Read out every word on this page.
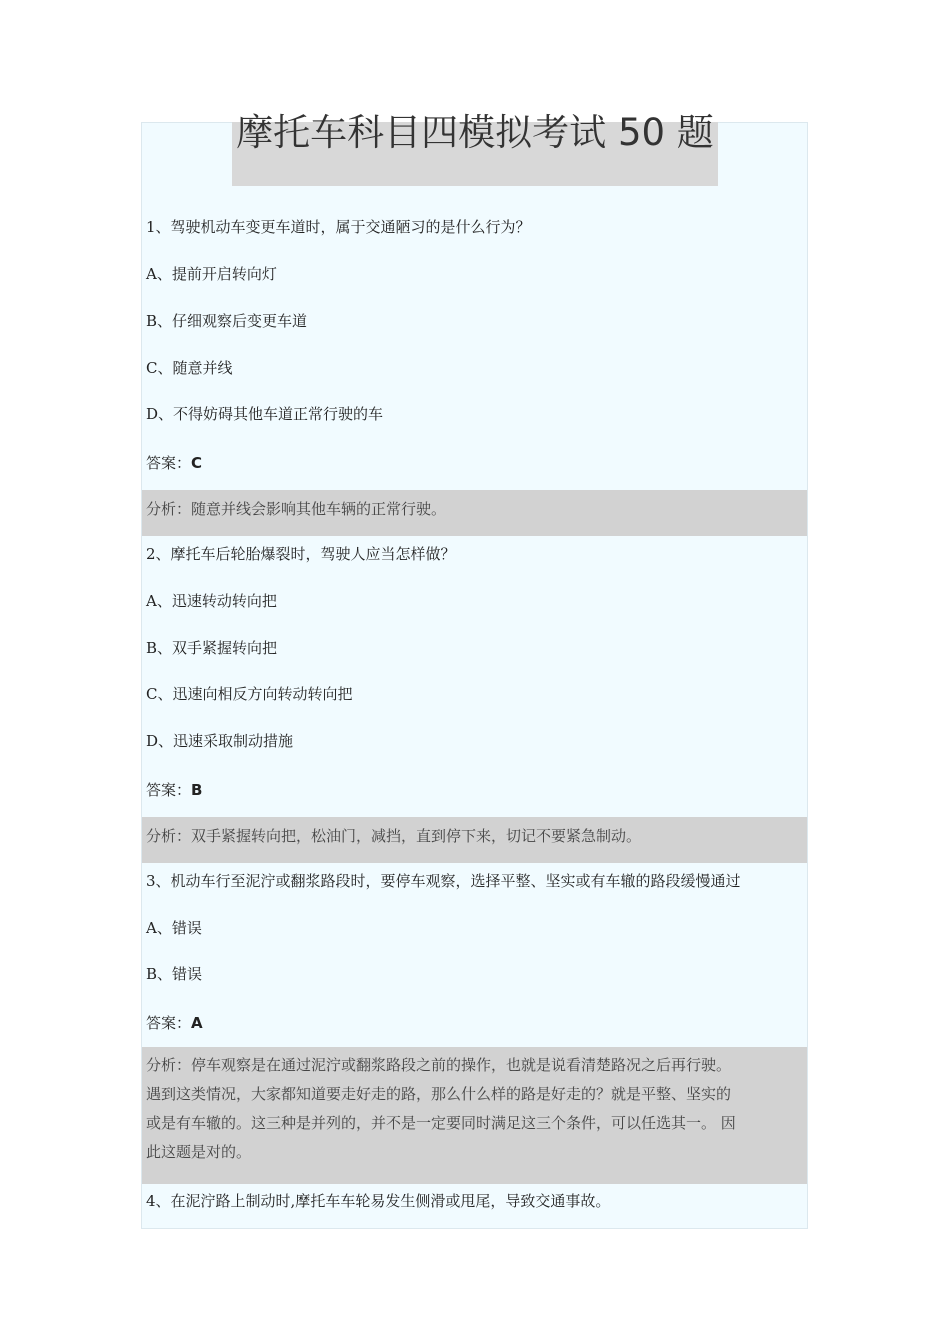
1、驾驶机动车变更车道时，属于交通陋习的是什么行为？
A、提前开启转向灯
B、仔细观察后变更车道
C、随意并线
D、不得妨碍其他车道正常行驶的车
答案：C
分析：随意并线会影响其他车辆的正常行驶。
2、摩托车后轮胎爆裂时，驾驶人应当怎样做？
A、迅速转动转向把
B、双手紧握转向把
C、迅速向相反方向转动转向把
D、迅速采取制动措施
答案：B
分析：双手紧握转向把，松油门，减挡，直到停下来，切记不要紧急制动。
3、机动车行至泥泞或翻浆路段时，要停车观察，选择平整、坚实或有车辙的路段缓慢通过
A、错误
B、错误
答案：A
分析：停车观察是在通过泥泞或翻浆路段之前的操作，也就是说看清楚路况之后再行驶。
遇到这类情况，大家都知道要走好走的路，那么什么样的路是好走的？就是平整、坚实的
或是有车辙的。这三种是并列的，并不是一定要同时满足这三个条件，可以任选其一。 因
此这题是对的。
4、在泥泞路上制动时,摩托车车轮易发生侧滑或甩尾，导致交通事故。
摩托车科目四模拟考试 50 题
